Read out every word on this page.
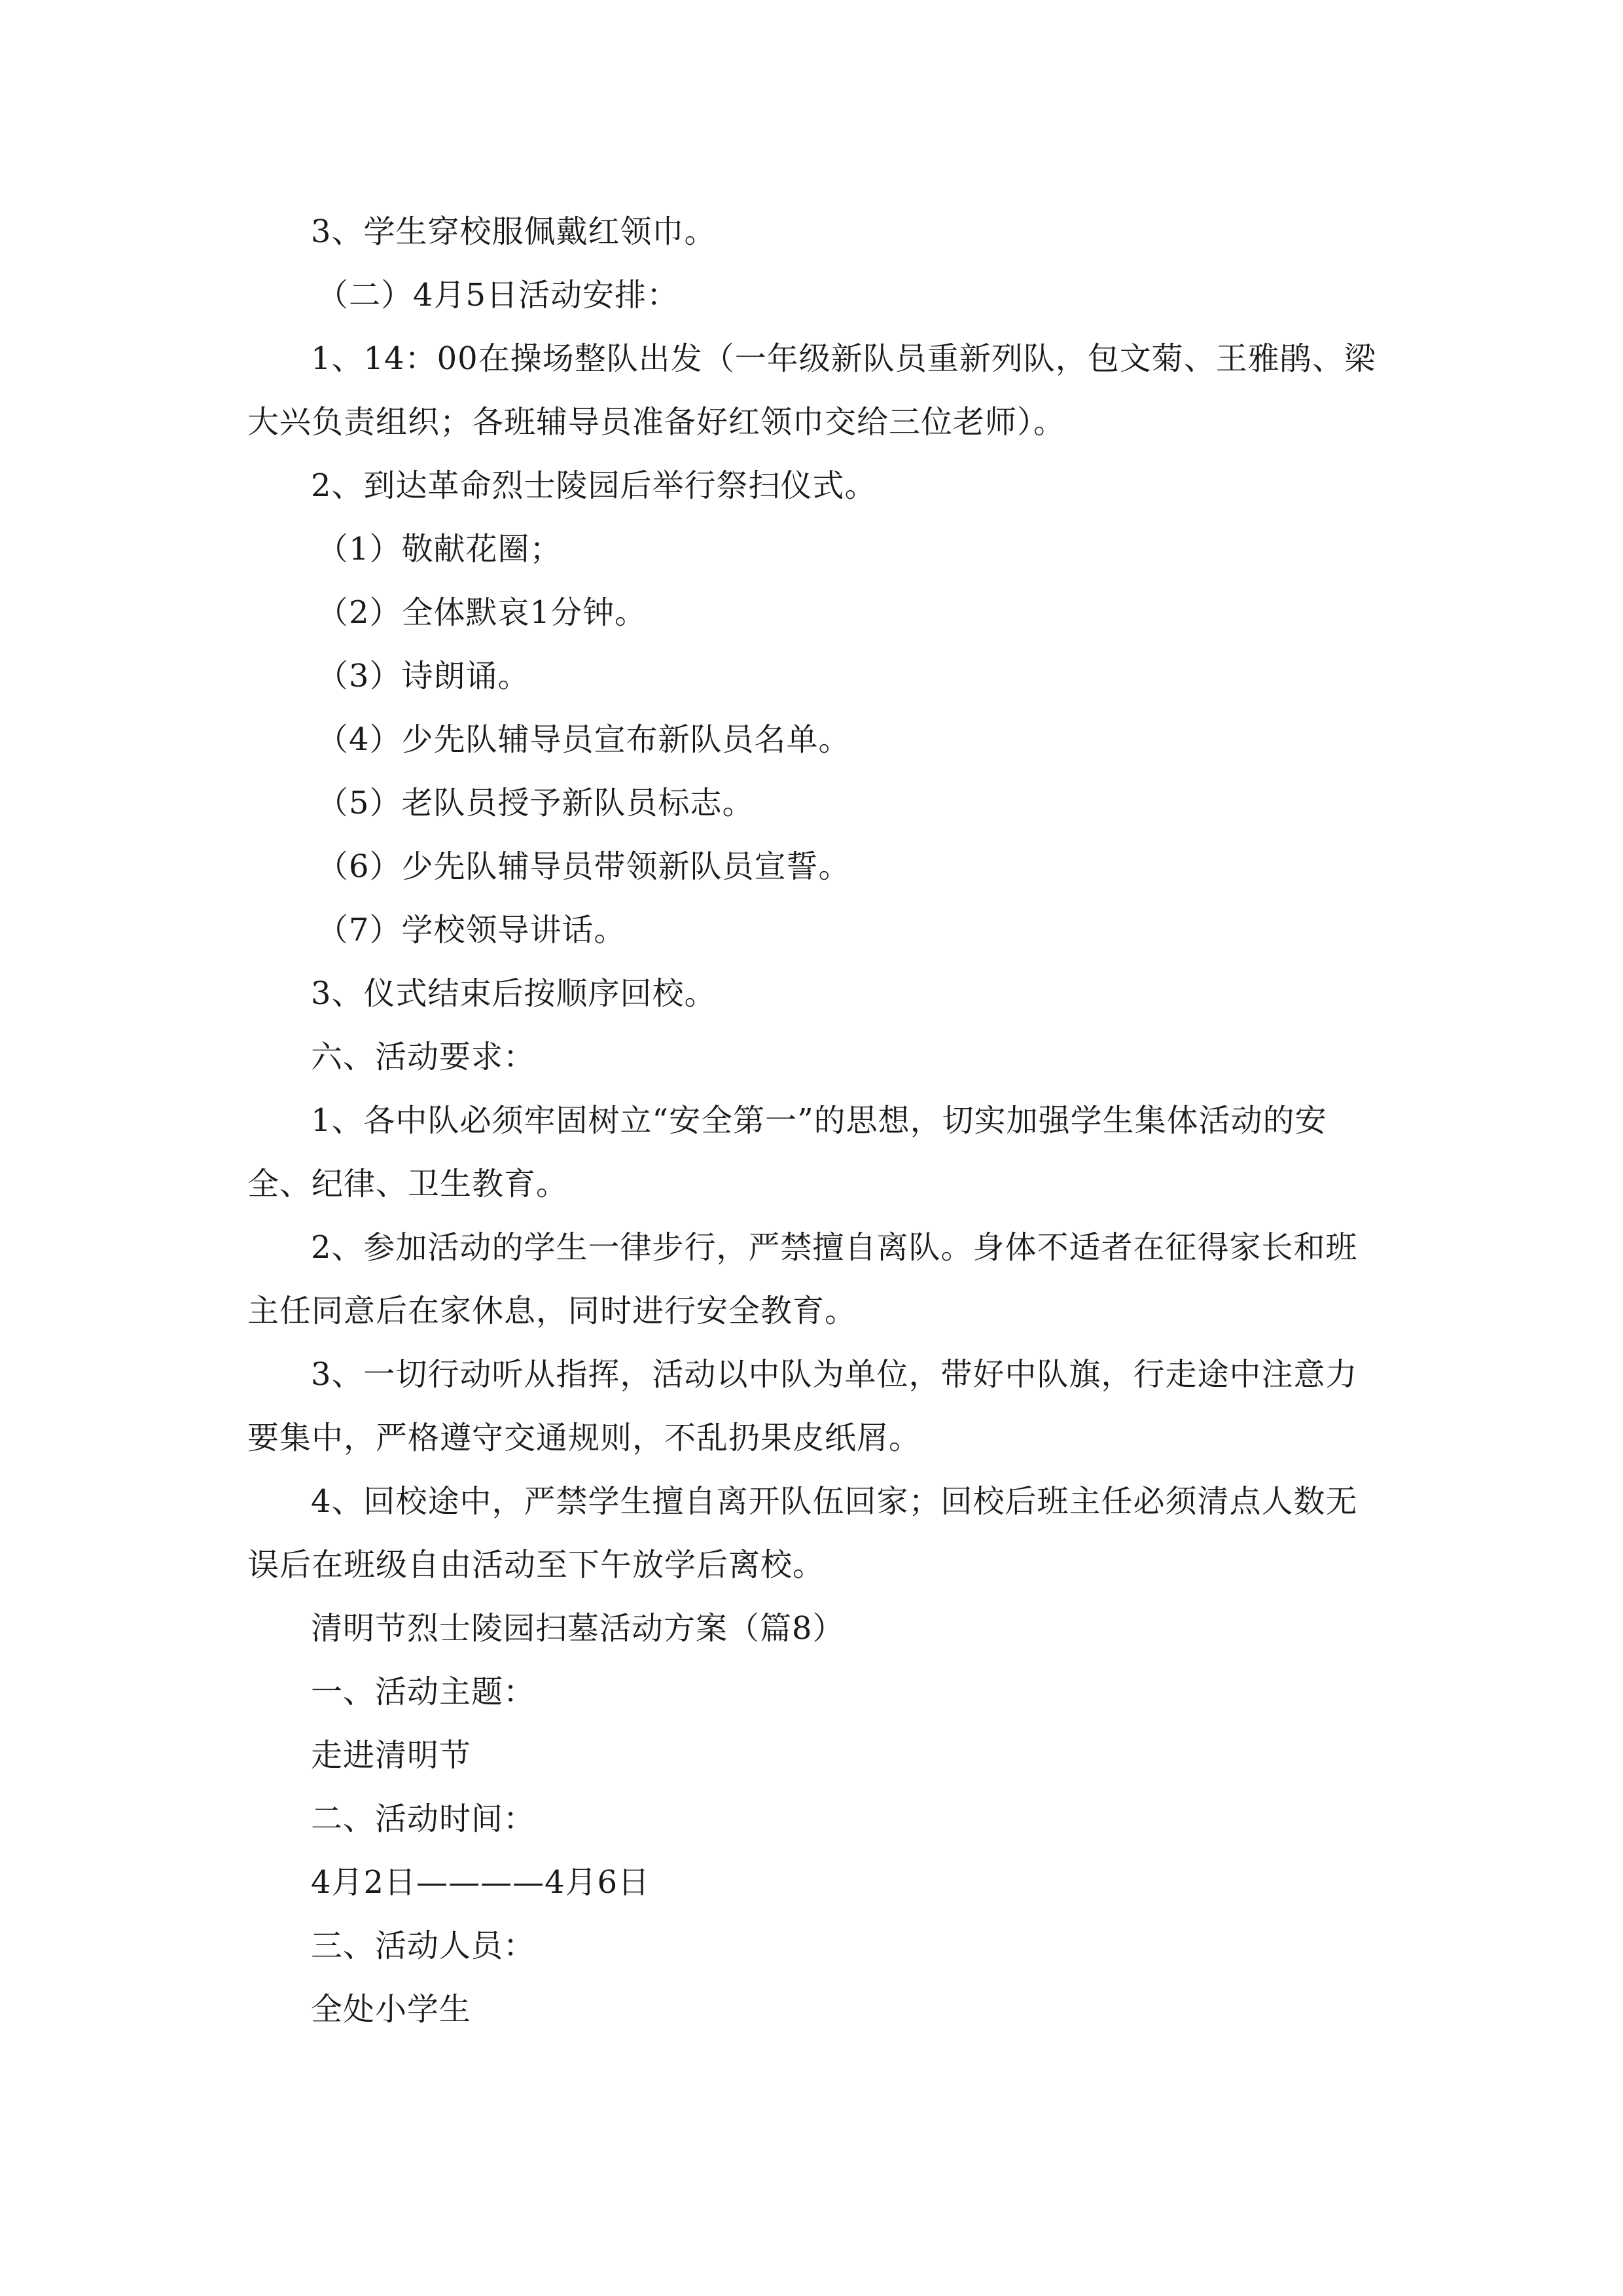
3、学生穿校服佩戴红领巾。

（二）4月5日活动安排：

1、14：00在操场整队出发（一年级新队员重新列队，包文菊、王雅鹃、梁大兴负责组织；各班辅导员准备好红领巾交给三位老师）。

2、到达革命烈士陵园后举行祭扫仪式。

（1）敬献花圈；

（2）全体默哀1分钟。

（3）诗朗诵。

（4）少先队辅导员宣布新队员名单。

（5）老队员授予新队员标志。

（6）少先队辅导员带领新队员宣誓。

（7）学校领导讲话。

3、仪式结束后按顺序回校。

六、活动要求：

1、各中队必须牢固树立“安全第一”的思想，切实加强学生集体活动的安全、纪律、卫生教育。

2、参加活动的学生一律步行，严禁擅自离队。身体不适者在征得家长和班主任同意后在家休息，同时进行安全教育。

3、一切行动听从指挥，活动以中队为单位，带好中队旗，行走途中注意力要集中，严格遵守交通规则，不乱扔果皮纸屑。

4、回校途中，严禁学生擅自离开队伍回家；回校后班主任必须清点人数无误后在班级自由活动至下午放学后离校。

清明节烈士陵园扫墓活动方案（篇8）

一、活动主题：

走进清明节

二、活动时间：

4月2日————4月6日

三、活动人员：

全处小学生
